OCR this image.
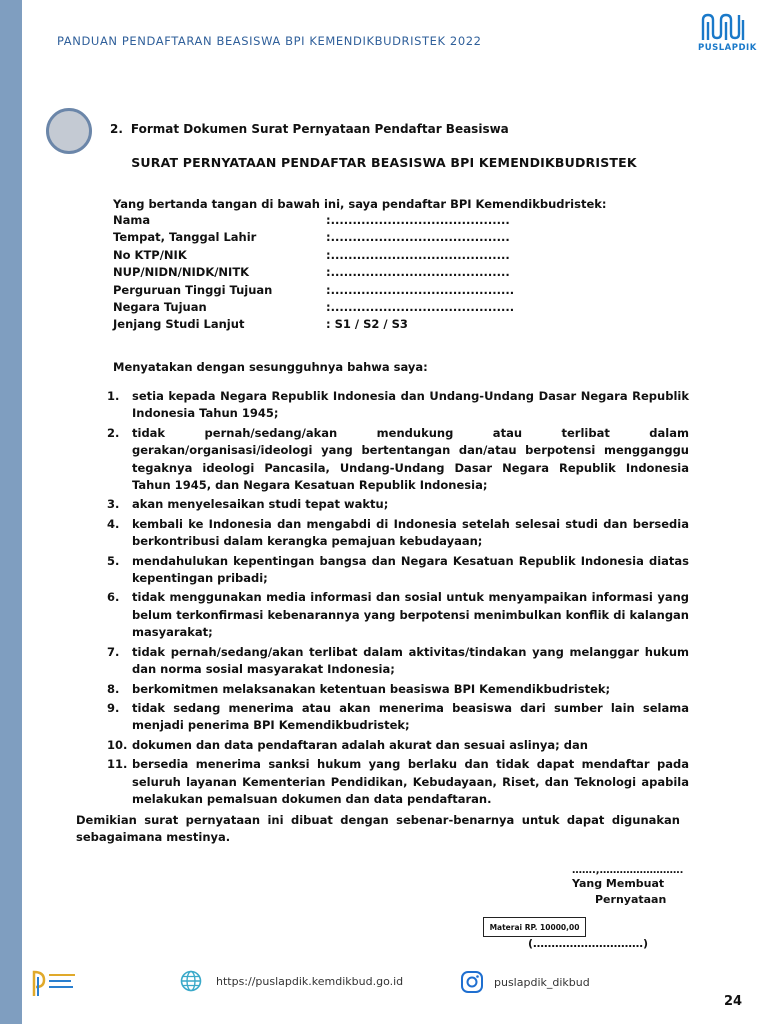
PANDUAN PENDAFTARAN BEASISWA BPI KEMENDIKBUDRISTEK 2022	PUSLAPDIK
2. Format Dokumen Surat Pernyataan Pendaftar Beasiswa
SURAT PERNYATAAN PENDAFTAR BEASISWA BPI KEMENDIKBUDRISTEK
Yang bertanda tangan di bawah ini, saya pendaftar BPI Kemendikbudristek:
Nama	:.........................................
Tempat, Tanggal Lahir	:.........................................
No KTP/NIK	:.........................................
NUP/NIDN/NIDK/NITK	:.........................................
Perguruan Tinggi Tujuan	:..........................................
Negara Tujuan	:..........................................
Jenjang Studi Lanjut	: S1 / S2 / S3
Menyatakan dengan sesungguhnya bahwa saya:
1. setia kepada Negara Republik Indonesia dan Undang-Undang Dasar Negara Republik Indonesia Tahun 1945;
2. tidak pernah/sedang/akan mendukung atau terlibat dalam gerakan/organisasi/ideologi yang bertentangan dan/atau berpotensi mengganggu tegaknya ideologi Pancasila, Undang-Undang Dasar Negara Republik Indonesia Tahun 1945, dan Negara Kesatuan Republik Indonesia;
3. akan menyelesaikan studi tepat waktu;
4. kembali ke Indonesia dan mengabdi di Indonesia setelah selesai studi dan bersedia berkontribusi dalam kerangka pemajuan kebudayaan;
5. mendahulukan kepentingan bangsa dan Negara Kesatuan Republik Indonesia diatas kepentingan pribadi;
6. tidak menggunakan media informasi dan sosial untuk menyampaikan informasi yang belum terkonfirmasi kebenarannya yang berpotensi menimbulkan konflik di kalangan masyarakat;
7. tidak pernah/sedang/akan terlibat dalam aktivitas/tindakan yang melanggar hukum dan norma sosial masyarakat Indonesia;
8. berkomitmen melaksanakan ketentuan beasiswa BPI Kemendikbudristek;
9. tidak sedang menerima atau akan menerima beasiswa dari sumber lain selama menjadi penerima BPI Kemendikbudristek;
10. dokumen dan data pendaftaran adalah akurat dan sesuai aslinya; dan
11. bersedia menerima sanksi hukum yang berlaku dan tidak dapat mendaftar pada seluruh layanan Kementerian Pendidikan, Kebudayaan, Riset, dan Teknologi apabila melakukan pemalsuan dokumen dan data pendaftaran.
Demikian surat pernyataan ini dibuat dengan sebenar-benarnya untuk dapat digunakan sebagaimana mestinya.
…….,…………………….
Yang Membuat
Pernyataan
Materai RP. 10000,00
(…………………………)
https://puslapdik.kemdikbud.go.id	puslapdik_dikbud
24
